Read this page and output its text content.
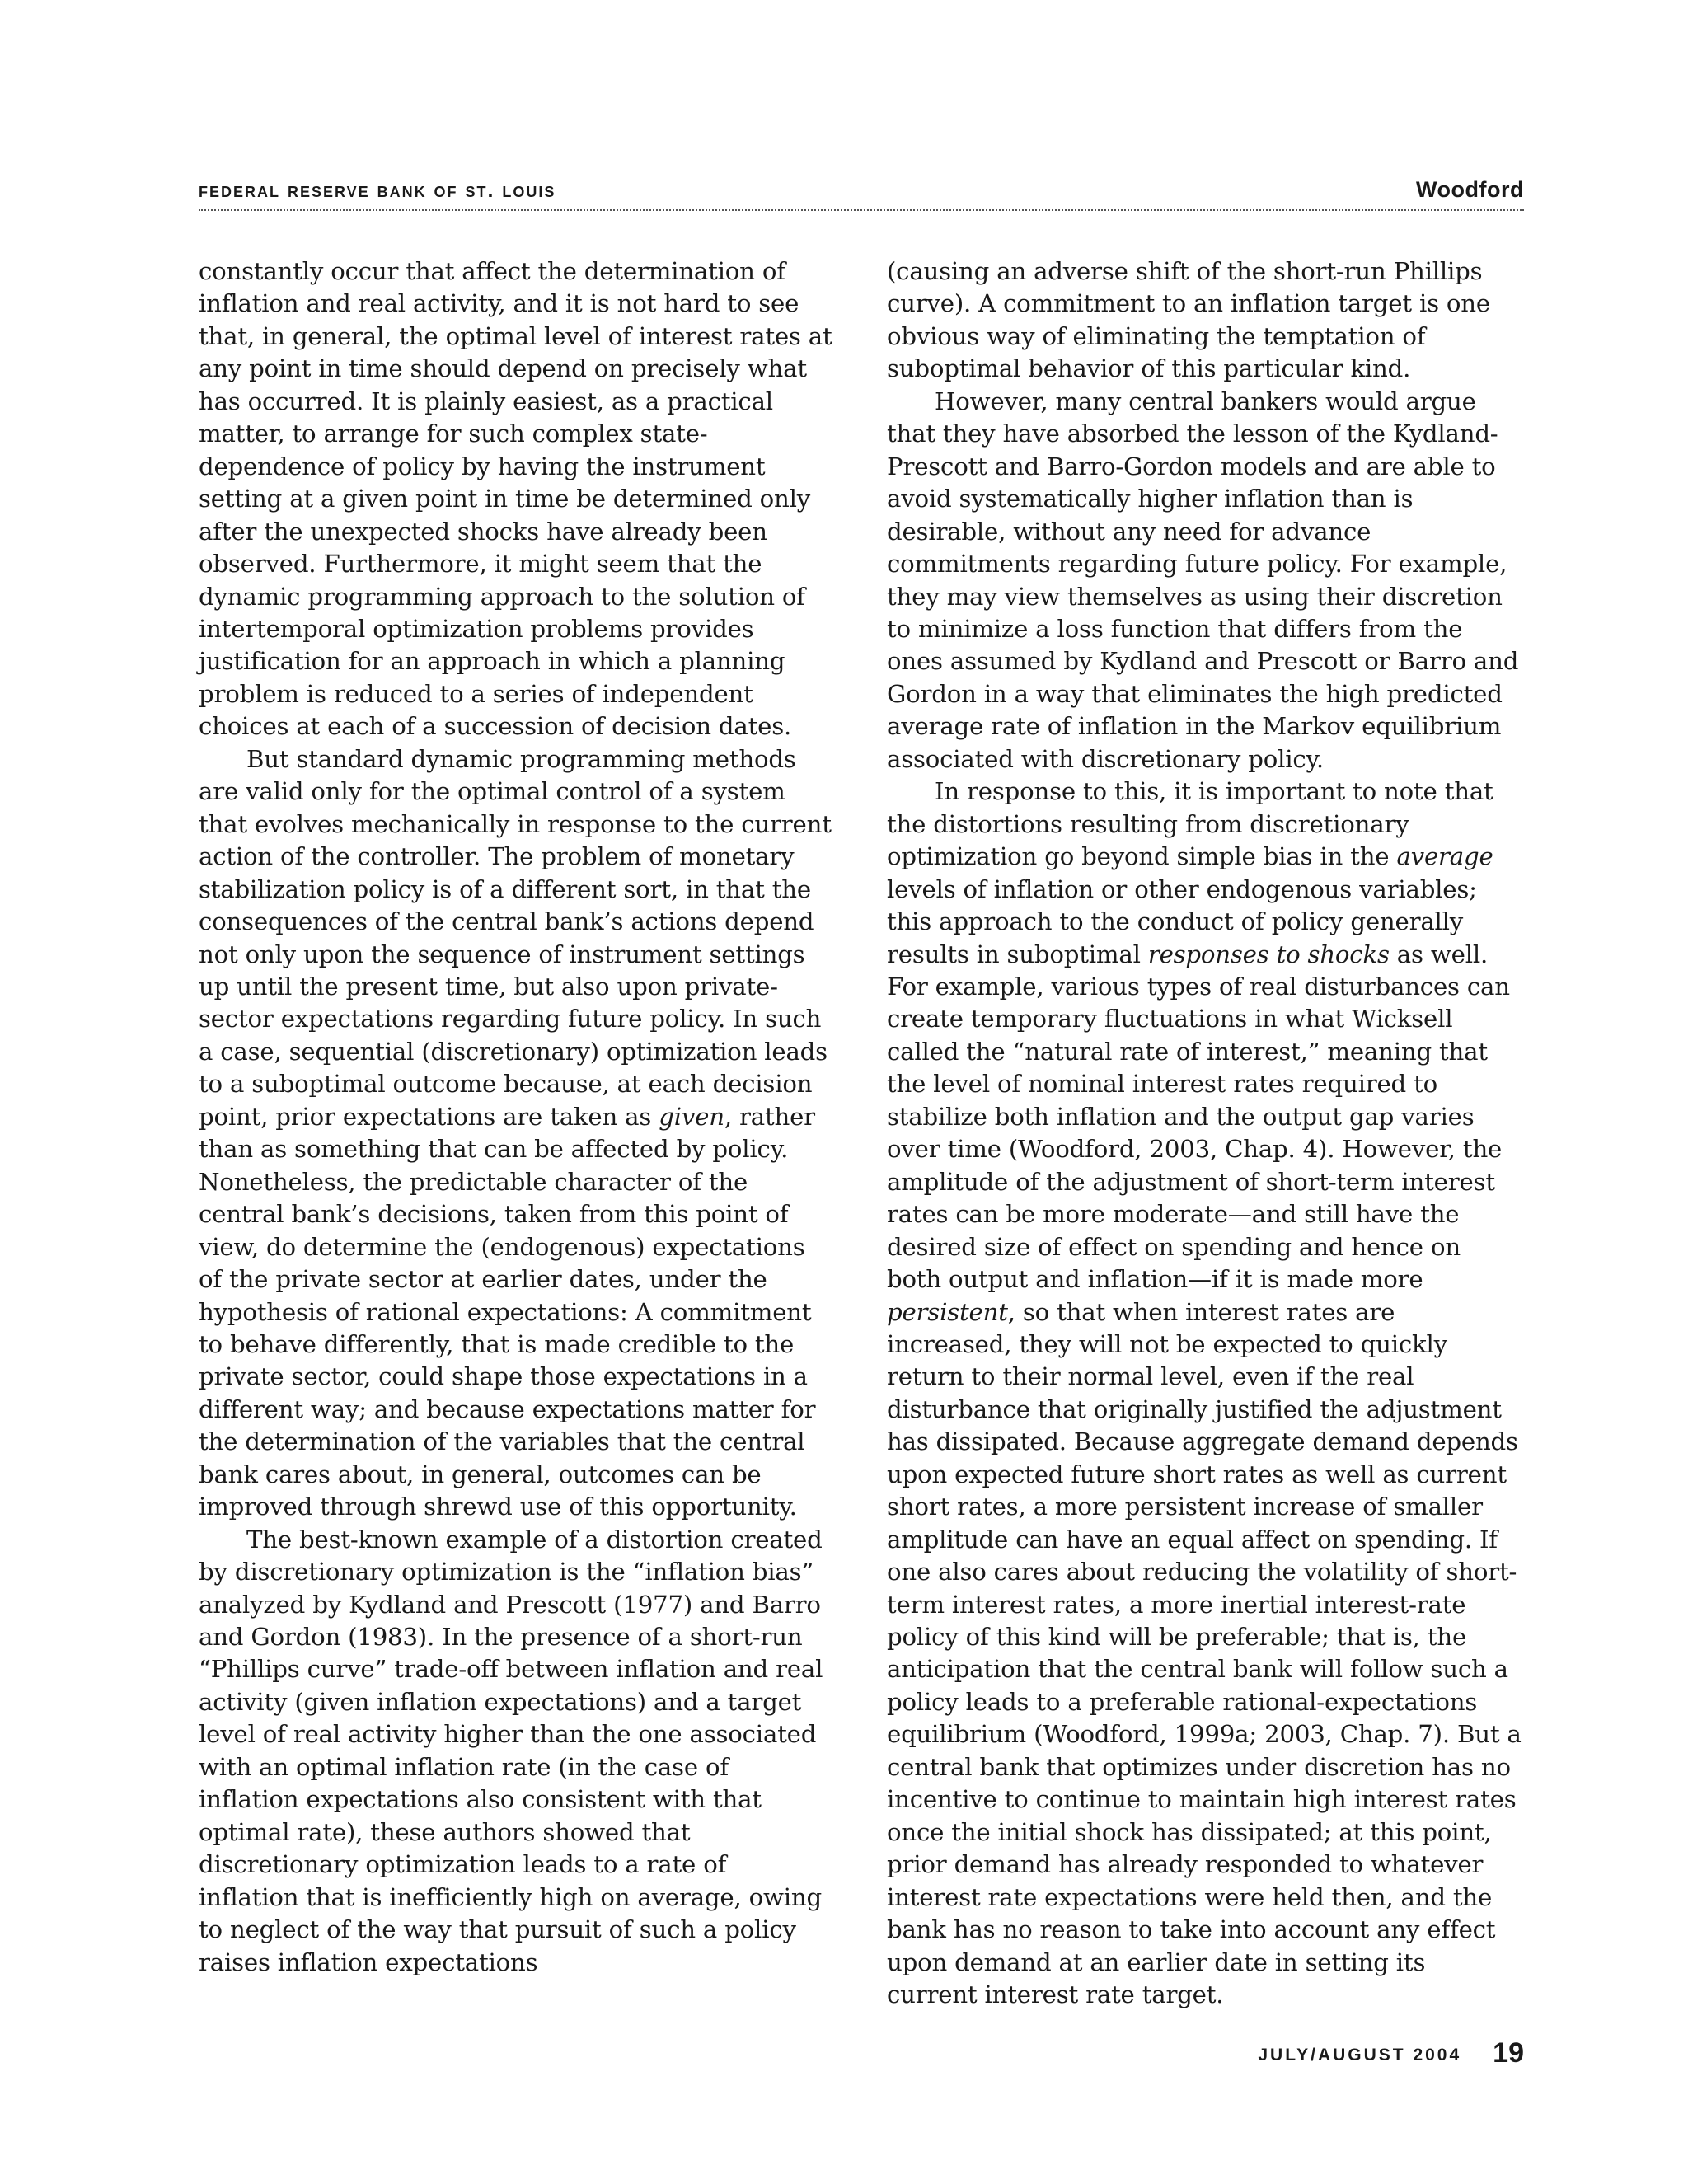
federal reserve bank of st. louis	Woodford

constantly occur that affect the determination of inflation and real activity, and it is not hard to see that, in general, the optimal level of interest rates at any point in time should depend on precisely what has occurred. It is plainly easiest, as a practical matter, to arrange for such complex state-dependence of policy by having the instrument setting at a given point in time be determined only after the unexpected shocks have already been observed. Furthermore, it might seem that the dynamic programming approach to the solution of intertemporal optimization problems provides justification for an approach in which a planning problem is reduced to a series of independent choices at each of a succession of decision dates.

But standard dynamic programming methods are valid only for the optimal control of a system that evolves mechanically in response to the current action of the controller. The problem of monetary stabilization policy is of a different sort, in that the consequences of the central bank’s actions depend not only upon the sequence of instrument settings up until the present time, but also upon private-sector expectations regarding future policy. In such a case, sequential (discretionary) optimization leads to a suboptimal outcome because, at each decision point, prior expectations are taken as given, rather than as something that can be affected by policy. Nonetheless, the predictable character of the central bank’s decisions, taken from this point of view, do determine the (endogenous) expectations of the private sector at earlier dates, under the hypothesis of rational expectations: A commitment to behave differently, that is made credible to the private sector, could shape those expectations in a different way; and because expectations matter for the determination of the variables that the central bank cares about, in general, outcomes can be improved through shrewd use of this opportunity.

The best-known example of a distortion created by discretionary optimization is the “inflation bias” analyzed by Kydland and Prescott (1977) and Barro and Gordon (1983). In the presence of a short-run “Phillips curve” trade-off between inflation and real activity (given inflation expectations) and a target level of real activity higher than the one associated with an optimal inflation rate (in the case of inflation expectations also consistent with that optimal rate), these authors showed that discretionary optimization leads to a rate of inflation that is inefficiently high on average, owing to neglect of the way that pursuit of such a policy raises inflation expectations

(causing an adverse shift of the short-run Phillips curve). A commitment to an inflation target is one obvious way of eliminating the temptation of suboptimal behavior of this particular kind.

However, many central bankers would argue that they have absorbed the lesson of the Kydland-Prescott and Barro-Gordon models and are able to avoid systematically higher inflation than is desirable, without any need for advance commitments regarding future policy. For example, they may view themselves as using their discretion to minimize a loss function that differs from the ones assumed by Kydland and Prescott or Barro and Gordon in a way that eliminates the high predicted average rate of inflation in the Markov equilibrium associated with discretionary policy.

In response to this, it is important to note that the distortions resulting from discretionary optimization go beyond simple bias in the average levels of inflation or other endogenous variables; this approach to the conduct of policy generally results in suboptimal responses to shocks as well. For example, various types of real disturbances can create temporary fluctuations in what Wicksell called the “natural rate of interest,” meaning that the level of nominal interest rates required to stabilize both inflation and the output gap varies over time (Woodford, 2003, Chap. 4). However, the amplitude of the adjustment of short-term interest rates can be more moderate—and still have the desired size of effect on spending and hence on both output and inflation—if it is made more persistent, so that when interest rates are increased, they will not be expected to quickly return to their normal level, even if the real disturbance that originally justified the adjustment has dissipated. Because aggregate demand depends upon expected future short rates as well as current short rates, a more persistent increase of smaller amplitude can have an equal affect on spending. If one also cares about reducing the volatility of short-term interest rates, a more inertial interest-rate policy of this kind will be preferable; that is, the anticipation that the central bank will follow such a policy leads to a preferable rational-expectations equilibrium (Woodford, 1999a; 2003, Chap. 7). But a central bank that optimizes under discretion has no incentive to continue to maintain high interest rates once the initial shock has dissipated; at this point, prior demand has already responded to whatever interest rate expectations were held then, and the bank has no reason to take into account any effect upon demand at an earlier date in setting its current interest rate target.

JULY/AUGUST 2004 19
